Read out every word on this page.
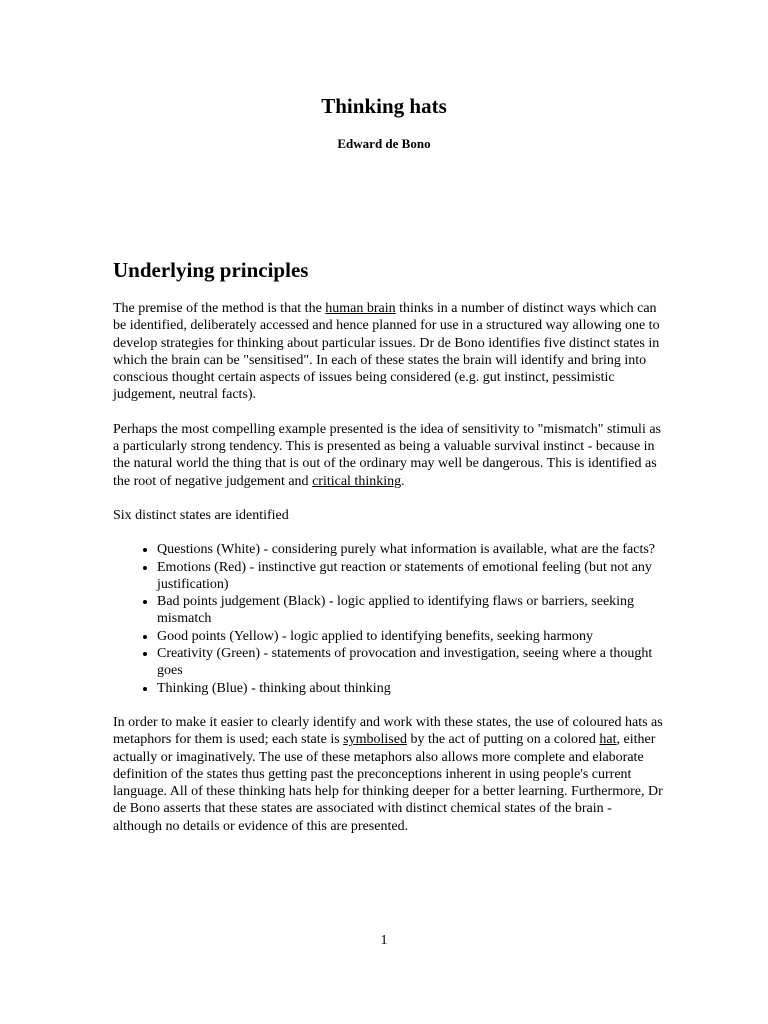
Thinking hats
Edward de Bono
Underlying principles

The premise of the method is that the human brain thinks in a number of distinct ways which can be identified, deliberately accessed and hence planned for use in a structured way allowing one to develop strategies for thinking about particular issues. Dr de Bono identifies five distinct states in which the brain can be "sensitised". In each of these states the brain will identify and bring into conscious thought certain aspects of issues being considered (e.g. gut instinct, pessimistic judgement, neutral facts).

Perhaps the most compelling example presented is the idea of sensitivity to "mismatch" stimuli as a particularly strong tendency. This is presented as being a valuable survival instinct - because in the natural world the thing that is out of the ordinary may well be dangerous. This is identified as the root of negative judgement and critical thinking.

Six distinct states are identified

• Questions (White) - considering purely what information is available, what are the facts?
• Emotions (Red) - instinctive gut reaction or statements of emotional feeling (but not any justification)
• Bad points judgement (Black) - logic applied to identifying flaws or barriers, seeking mismatch
• Good points (Yellow) - logic applied to identifying benefits, seeking harmony
• Creativity (Green) - statements of provocation and investigation, seeing where a thought goes
• Thinking (Blue) - thinking about thinking

In order to make it easier to clearly identify and work with these states, the use of coloured hats as metaphors for them is used; each state is symbolised by the act of putting on a colored hat, either actually or imaginatively. The use of these metaphors also allows more complete and elaborate definition of the states thus getting past the preconceptions inherent in using people's current language. All of these thinking hats help for thinking deeper for a better learning. Furthermore, Dr de Bono asserts that these states are associated with distinct chemical states of the brain - although no details or evidence of this are presented.

1
